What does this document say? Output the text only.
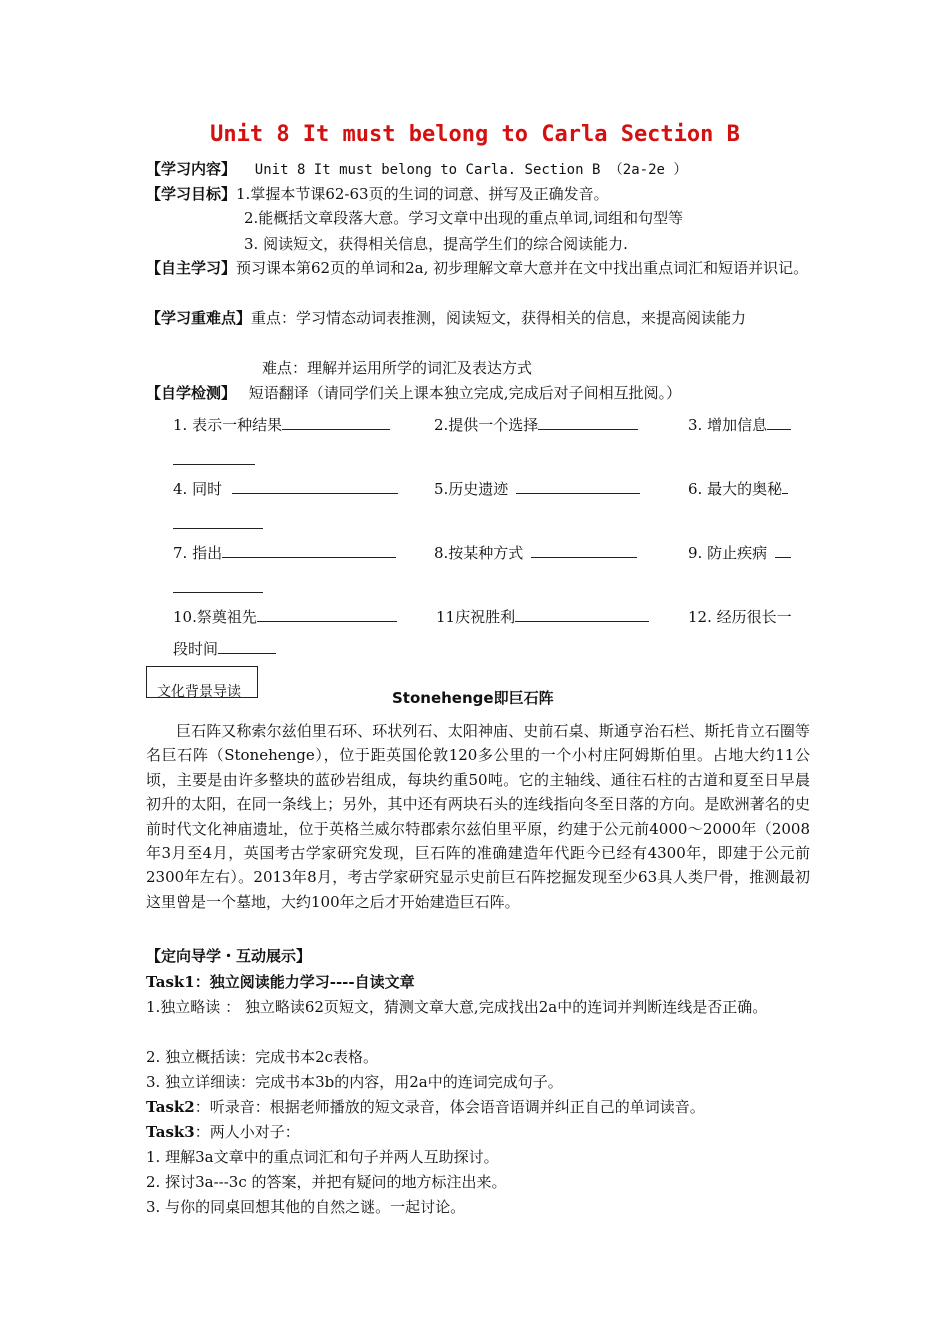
Unit 8 It must belong to Carla Section B
【学习内容】 Unit 8 It must belong to Carla. Section B （2a-2e ）
【学习目标】1.掌握本节课62-63页的生词的词意、拼写及正确发音。
2.能概括文章段落大意。学习文章中出现的重点单词,词组和句型等
3. 阅读短文，获得相关信息，提高学生们的综合阅读能力.
【自主学习】预习课本第62页的单词和2a, 初步理解文章大意并在文中找出重点词汇和短语并识记。
【学习重难点】重点：学习情态动词表推测，阅读短文，获得相关的信息，来提高阅读能力
难点：理解并运用所学的词汇及表达方式
【自学检测】 短语翻译（请同学们关上课本独立完成,完成后对子间相互批阅。）
1. 表示一种结果	2.提供一个选择	3. 增加信息
4. 同时	5.历史遗迹	6. 最大的奥秘
7. 指出	8.按某种方式	9. 防止疾病
10.祭奠祖先	11庆祝胜利	12. 经历很长一
段时间
文化背景导读	Stonehenge即巨石阵
巨石阵又称索尔兹伯里石环、环状列石、太阳神庙、史前石桌、斯通亨治石栏、斯托肯立石圈等名巨石阵（Stonehenge），位于距英国伦敦120多公里的一个小村庄阿姆斯伯里。占地大约11公顷，主要是由许多整块的蓝砂岩组成，每块约重50吨。它的主轴线、通往石柱的古道和夏至日早晨初升的太阳，在同一条线上；另外，其中还有两块石头的连线指向冬至日落的方向。是欧洲著名的史前时代文化神庙遗址，位于英格兰威尔特郡索尔兹伯里平原，约建于公元前4000～2000年（2008年3月至4月，英国考古学家研究发现，巨石阵的准确建造年代距今已经有4300年，即建于公元前2300年左右）。2013年8月，考古学家研究显示史前巨石阵挖掘发现至少63具人类尸骨，推测最初这里曾是一个墓地，大约100年之后才开始建造巨石阵。
【定向导学・互动展示】
Task1：独立阅读能力学习----自读文章
1.独立略读 ： 独立略读62页短文，猜测文章大意,完成找出2a中的连词并判断连线是否正确。
2. 独立概括读：完成书本2c表格。
3. 独立详细读：完成书本3b的内容，用2a中的连词完成句子。
Task2：听录音：根据老师播放的短文录音，体会语音语调并纠正自己的单词读音。
Task3：两人小对子：
1. 理解3a文章中的重点词汇和句子并两人互助探讨。
2. 探讨3a---3c 的答案，并把有疑问的地方标注出来。
3. 与你的同桌回想其他的自然之谜。一起讨论。
